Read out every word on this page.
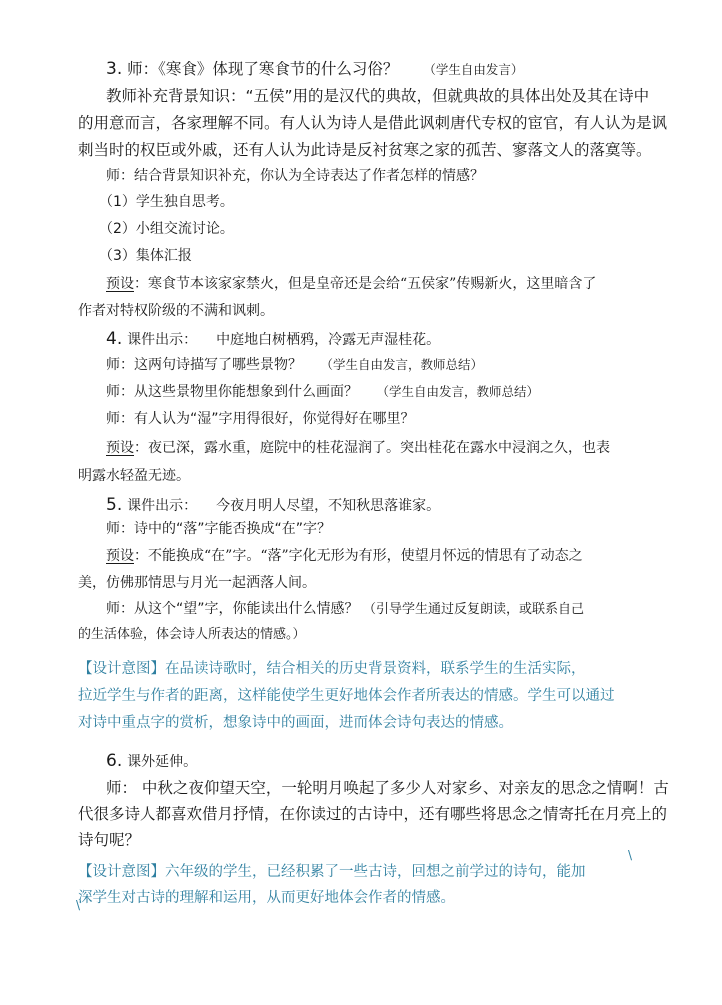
3. 师：《寒食》体现了寒食节的什么习俗？ （学生自由发言）
教师补充背景知识：“五侯”用的是汉代的典故，但就典故的具体出处及其在诗中
的用意而言，各家理解不同。有人认为诗人是借此讽刺唐代专权的宦官，有人认为是讽
刺当时的权臣或外戚，还有人认为此诗是反衬贫寒之家的孤苦、寥落文人的落寞等。
师：结合背景知识补充，你认为全诗表达了作者怎样的情感？
（1）学生独自思考。
（2）小组交流讨论。
（3）集体汇报
预设：寒食节本该家家禁火，但是皇帝还是会给“五侯家”传赐新火，这里暗含了
作者对特权阶级的不满和讽刺。
4. 课件出示： 中庭地白树栖鸦，冷露无声湿桂花。
师：这两句诗描写了哪些景物？ （学生自由发言，教师总结）
师：从这些景物里你能想象到什么画面？ （学生自由发言，教师总结）
师：有人认为“湿”字用得很好，你觉得好在哪里？
预设：夜已深，露水重，庭院中的桂花湿润了。突出桂花在露水中浸润之久，也表
明露水轻盈无迹。
5. 课件出示： 今夜月明人尽望，不知秋思落谁家。
师：诗中的“落”字能否换成“在”字？
预设：不能换成“在”字。“落”字化无形为有形，使望月怀远的情思有了动态之
美，仿佛那情思与月光一起洒落人间。
师：从这个“望”字，你能读出什么情感？ （引导学生通过反复朗读，或联系自己
的生活体验，体会诗人所表达的情感。）
【设计意图】在品读诗歌时，结合相关的历史背景资料，联系学生的生活实际，
拉近学生与作者的距离，这样能使学生更好地体会作者所表达的情感。学生可以通过
对诗中重点字的赏析，想象诗中的画面，进而体会诗句表达的情感。
6. 课外延伸。
师： 中秋之夜仰望天空，一轮明月唤起了多少人对家乡、对亲友的思念之情啊！古
代很多诗人都喜欢借月抒情，在你读过的古诗中，还有哪些将思念之情寄托在月亮上的
诗句呢？
【设计意图】六年级的学生，已经积累了一些古诗，回想之前学过的诗句，能加
深学生对古诗的理解和运用，从而更好地体会作者的情感。
\
\
